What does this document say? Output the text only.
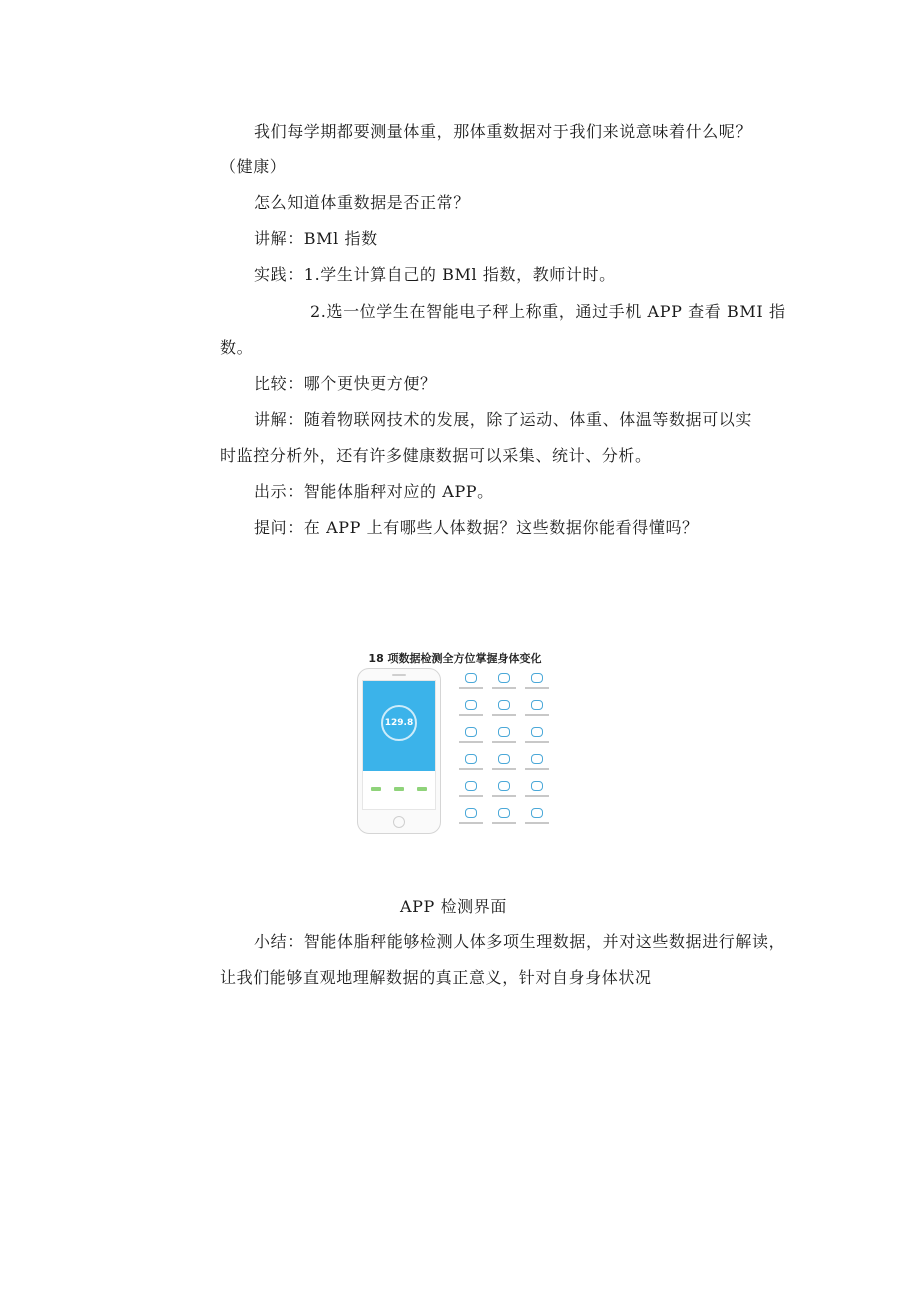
我们每学期都要测量体重，那体重数据对于我们来说意味着什么呢？
（健康）
怎么知道体重数据是否正常？
讲解：BMl 指数
实践：1.学生计算自己的 BMl 指数，教师计时。
2.选一位学生在智能电子秤上称重，通过手机 APP 查看 BMI 指
数。
比较：哪个更快更方便？
讲解：随着物联网技术的发展，除了运动、体重、体温等数据可以实
时监控分析外，还有许多健康数据可以采集、统计、分析。
出示：智能体脂秤对应的 APP。
提问：在 APP 上有哪些人体数据？这些数据你能看得懂吗？
18 项数据检测全方位掌握身体变化
129.8
APP 检测界面
小结：智能体脂秤能够检测人体多项生理数据，并对这些数据进行解读，
让我们能够直观地理解数据的真正意义，针对自身身体状况
